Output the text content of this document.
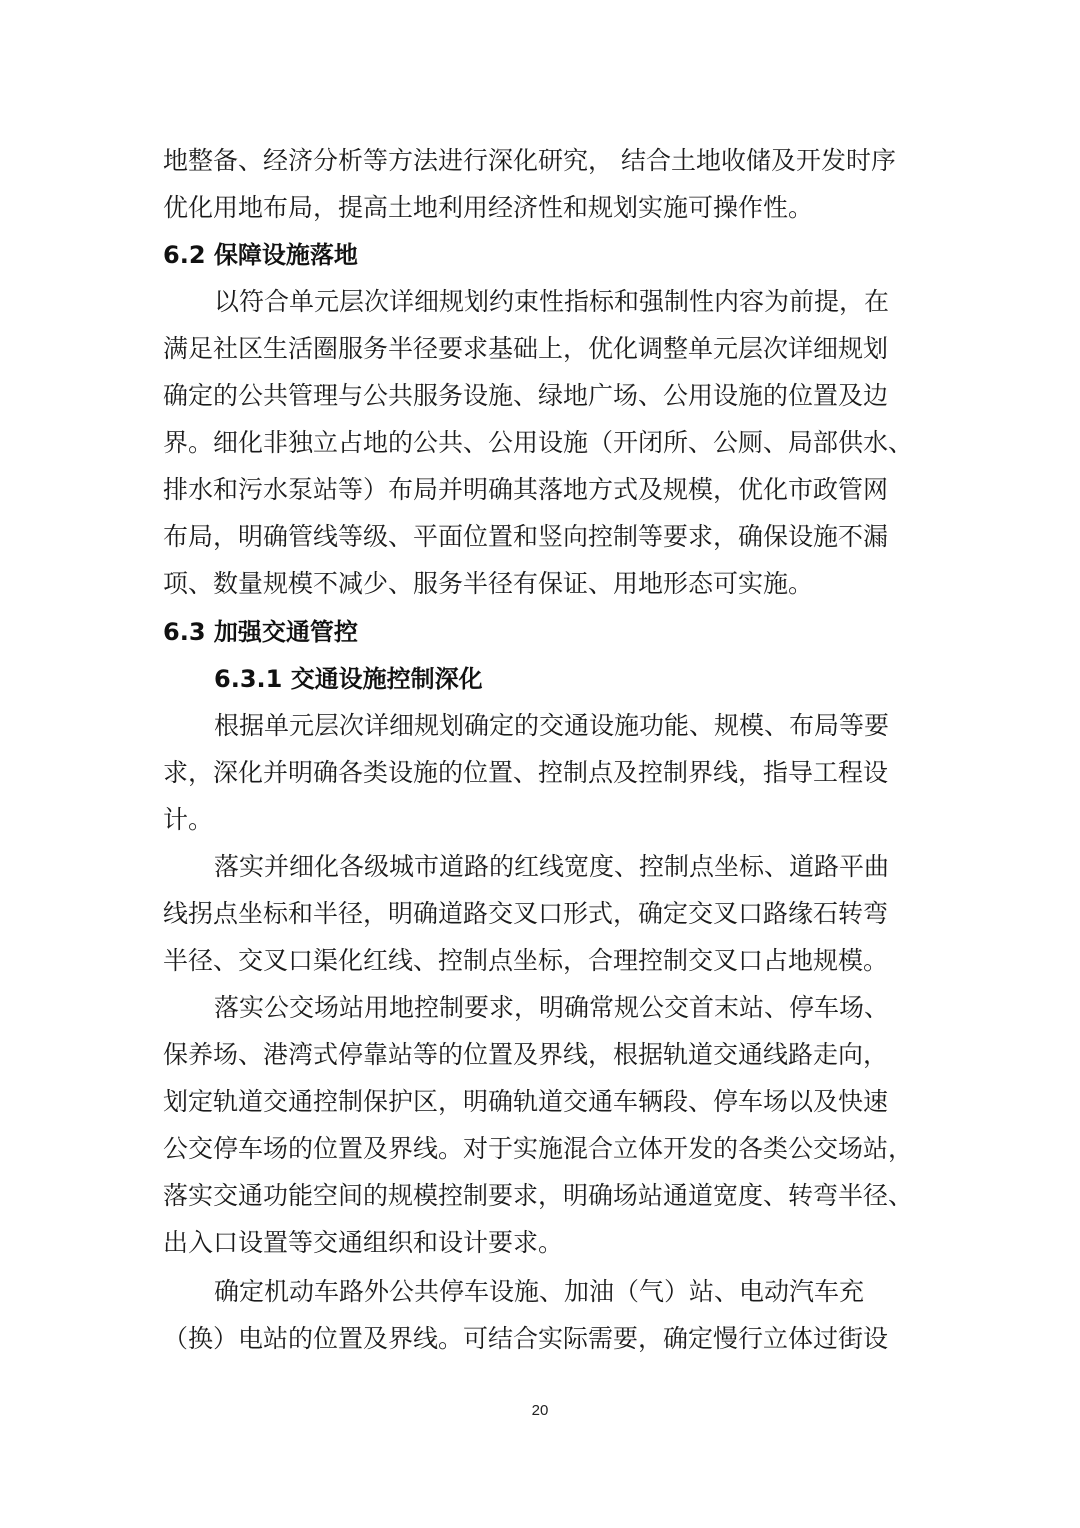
地整备、经济分析等方法进行深化研究， 结合土地收储及开发时序
优化用地布局，提高土地利用经济性和规划实施可操作性。
6.2 保障设施落地
以符合单元层次详细规划约束性指标和强制性内容为前提，在
满足社区生活圈服务半径要求基础上，优化调整单元层次详细规划
确定的公共管理与公共服务设施、绿地广场、公用设施的位置及边
界。细化非独立占地的公共、公用设施（开闭所、公厕、局部供水、
排水和污水泵站等）布局并明确其落地方式及规模，优化市政管网
布局，明确管线等级、平面位置和竖向控制等要求，确保设施不漏
项、数量规模不减少、服务半径有保证、用地形态可实施。
6.3 加强交通管控
6.3.1 交通设施控制深化
根据单元层次详细规划确定的交通设施功能、规模、布局等要
求，深化并明确各类设施的位置、控制点及控制界线，指导工程设
计。
落实并细化各级城市道路的红线宽度、控制点坐标、道路平曲
线拐点坐标和半径，明确道路交叉口形式，确定交叉口路缘石转弯
半径、交叉口渠化红线、控制点坐标，合理控制交叉口占地规模。
落实公交场站用地控制要求，明确常规公交首末站、停车场、
保养场、港湾式停靠站等的位置及界线，根据轨道交通线路走向，
划定轨道交通控制保护区，明确轨道交通车辆段、停车场以及快速
公交停车场的位置及界线。对于实施混合立体开发的各类公交场站，
落实交通功能空间的规模控制要求，明确场站通道宽度、转弯半径、
出入口设置等交通组织和设计要求。
确定机动车路外公共停车设施、加油（气）站、电动汽车充
（换）电站的位置及界线。可结合实际需要，确定慢行立体过街设
20
